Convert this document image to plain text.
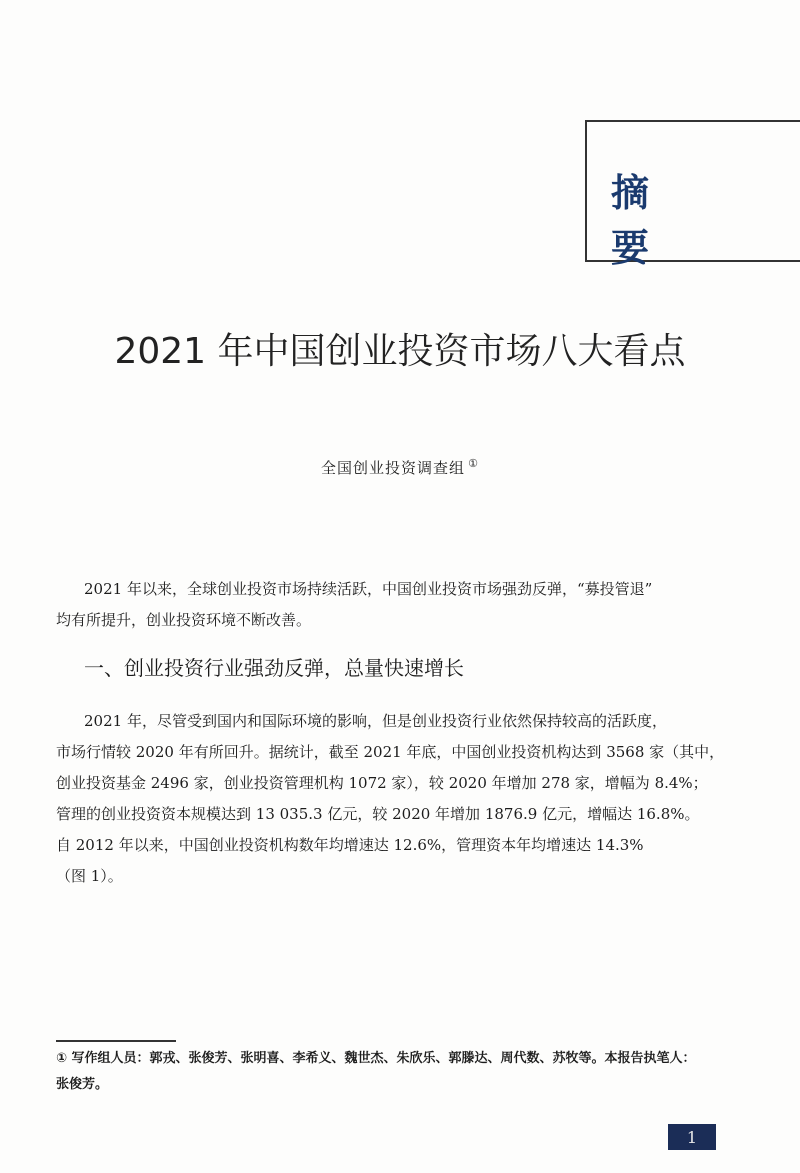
摘 要
2021 年中国创业投资市场八大看点
全国创业投资调查组 ①
2021 年以来，全球创业投资市场持续活跃，中国创业投资市场强劲反弹，“募投管退”
均有所提升，创业投资环境不断改善。
一、创业投资行业强劲反弹，总量快速增长
2021 年，尽管受到国内和国际环境的影响，但是创业投资行业依然保持较高的活跃度，
市场行情较 2020 年有所回升。据统计，截至 2021 年底，中国创业投资机构达到 3568 家（其中，
创业投资基金 2496 家，创业投资管理机构 1072 家），较 2020 年增加 278 家，增幅为 8.4%；
管理的创业投资资本规模达到 13 035.3 亿元，较 2020 年增加 1876.9 亿元，增幅达 16.8%。
自 2012 年以来，中国创业投资机构数年均增速达 12.6%，管理资本年均增速达 14.3%
（图 1）。
① 写作组人员：郭戎、张俊芳、张明喜、李希义、魏世杰、朱欣乐、郭滕达、周代数、苏牧等。本报告执笔人：
张俊芳。
1
